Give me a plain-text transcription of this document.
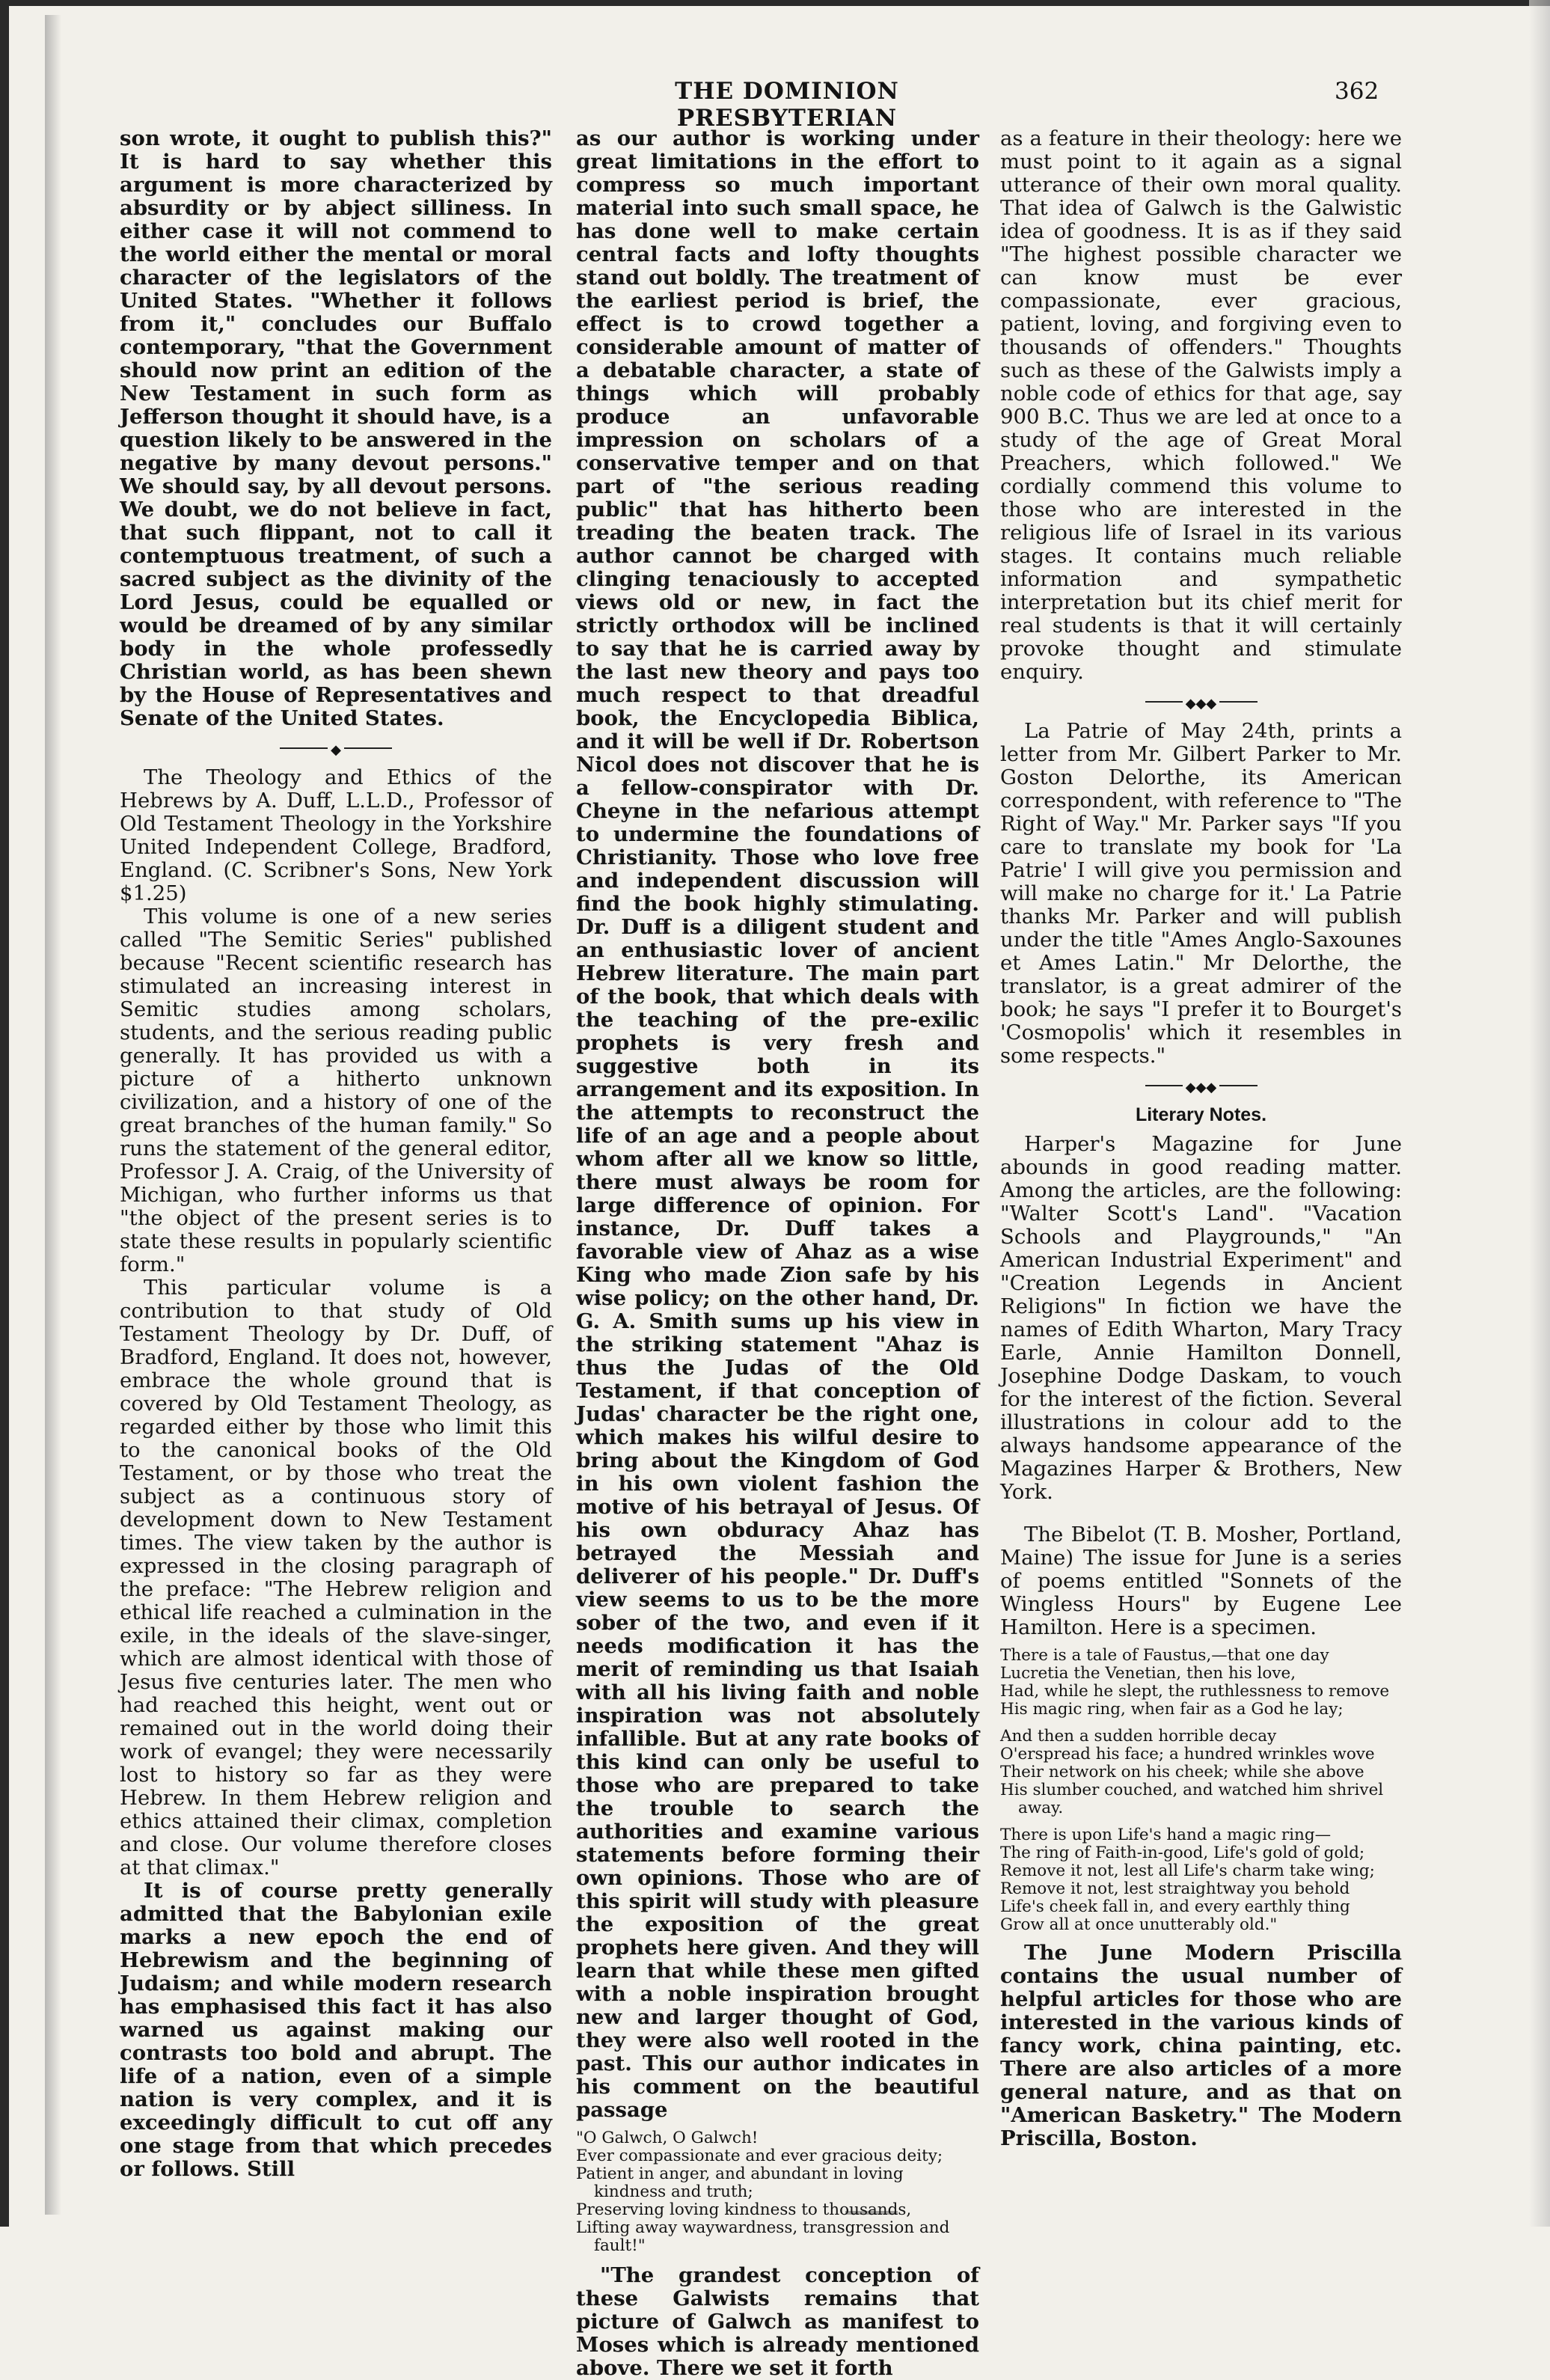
THE DOMINION PRESBYTERIAN
362

son wrote, it ought to publish this?" It is hard to say whether this argument is more characterized by absurdity or by abject silliness. In either case it will not commend to the world either the mental or moral character of the legislators of the United States. "Whether it follows from it," concludes our Buffalo contemporary, "that the Government should now print an edition of the New Testament in such form as Jefferson thought it should have, is a question likely to be answered in the negative by many devout persons." We should say, by all devout persons. We doubt, we do not believe in fact, that such flippant, not to call it contemptuous treatment, of such a sacred subject as the divinity of the Lord Jesus, could be equalled or would be dreamed of by any similar body in the whole professedly Christian world, as has been shewn by the House of Representatives and Senate of the United States.

◆

The Theology and Ethics of the Hebrews by A. Duff, L.L.D., Professor of Old Testament Theology in the Yorkshire United Independent College, Bradford, England. (C. Scribner's Sons, New York $1.25)

This volume is one of a new series called "The Semitic Series" published because "Recent scientific research has stimulated an increasing interest in Semitic studies among scholars, students, and the serious reading public generally. It has provided us with a picture of a hitherto unknown civilization, and a history of one of the great branches of the human family." So runs the statement of the general editor, Professor J. A. Craig, of the University of Michigan, who further informs us that "the object of the present series is to state these results in popularly scientific form."

This particular volume is a contribution to that study of Old Testament Theology by Dr. Duff, of Bradford, England. It does not, however, embrace the whole ground that is covered by Old Testament Theology, as regarded either by those who limit this to the canonical books of the Old Testament, or by those who treat the subject as a continuous story of development down to New Testament times. The view taken by the author is expressed in the closing paragraph of the preface: "The Hebrew religion and ethical life reached a culmination in the exile, in the ideals of the slave-singer, which are almost identical with those of Jesus five centuries later. The men who had reached this height, went out or remained out in the world doing their work of evangel; they were necessarily lost to history so far as they were Hebrew. In them Hebrew religion and ethics attained their climax, completion and close. Our volume therefore closes at that climax."

It is of course pretty generally admitted that the Babylonian exile marks a new epoch the end of Hebrewism and the beginning of Judaism; and while modern research has emphasised this fact it has also warned us against making our contrasts too bold and abrupt. The life of a nation, even of a simple nation is very complex, and it is exceedingly difficult to cut off any one stage from that which precedes or follows. Still

as our author is working under great limitations in the effort to compress so much important material into such small space, he has done well to make certain central facts and lofty thoughts stand out boldly. The treatment of the earliest period is brief, the effect is to crowd together a considerable amount of matter of a debatable character, a state of things which will probably produce an unfavorable impression on scholars of a conservative temper and on that part of "the serious reading public" that has hitherto been treading the beaten track. The author cannot be charged with clinging tenaciously to accepted views old or new, in fact the strictly orthodox will be inclined to say that he is carried away by the last new theory and pays too much respect to that dreadful book, the Encyclopedia Biblica, and it will be well if Dr. Robertson Nicol does not discover that he is a fellow-conspirator with Dr. Cheyne in the nefarious attempt to undermine the foundations of Christianity. Those who love free and independent discussion will find the book highly stimulating. Dr. Duff is a diligent student and an enthusiastic lover of ancient Hebrew literature. The main part of the book, that which deals with the teaching of the pre-exilic prophets is very fresh and suggestive both in its arrangement and its exposition. In the attempts to reconstruct the life of an age and a people about whom after all we know so little, there must always be room for large difference of opinion. For instance, Dr. Duff takes a favorable view of Ahaz as a wise King who made Zion safe by his wise policy; on the other hand, Dr. G. A. Smith sums up his view in the striking statement "Ahaz is thus the Judas of the Old Testament, if that conception of Judas' character be the right one, which makes his wilful desire to bring about the Kingdom of God in his own violent fashion the motive of his betrayal of Jesus. Of his own obduracy Ahaz has betrayed the Messiah and deliverer of his people." Dr. Duff's view seems to us to be the more sober of the two, and even if it needs modification it has the merit of reminding us that Isaiah with all his living faith and noble inspiration was not absolutely infallible. But at any rate books of this kind can only be useful to those who are prepared to take the trouble to search the authorities and examine various statements before forming their own opinions. Those who are of this spirit will study with pleasure the exposition of the great prophets here given. And they will learn that while these men gifted with a noble inspiration brought new and larger thought of God, they were also well rooted in the past. This our author indicates in his comment on the beautiful passage

"O Galwch, O Galwch!
Ever compassionate and ever gracious deity;
Patient in anger, and abundant in loving kindness and truth;
Preserving loving kindness to thousands,
Lifting away waywardness, transgression and fault!"

"The grandest conception of these Galwists remains that picture of Galwch as manifest to Moses which is already mentioned above. There we set it forth

as a feature in their theology: here we must point to it again as a signal utterance of their own moral quality. That idea of Galwch is the Galwistic idea of goodness. It is as if they said "The highest possible character we can know must be ever compassionate, ever gracious, patient, loving, and forgiving even to thousands of offenders." Thoughts such as these of the Galwists imply a noble code of ethics for that age, say 900 B.C. Thus we are led at once to a study of the age of Great Moral Preachers, which followed." We cordially commend this volume to those who are interested in the religious life of Israel in its various stages. It contains much reliable information and sympathetic interpretation but its chief merit for real students is that it will certainly provoke thought and stimulate enquiry.

◆◆◆

La Patrie of May 24th, prints a letter from Mr. Gilbert Parker to Mr. Goston Delorthe, its American correspondent, with reference to "The Right of Way." Mr. Parker says "If you care to translate my book for 'La Patrie' I will give you permission and will make no charge for it.' La Patrie thanks Mr. Parker and will publish under the title "Ames Anglo-Saxounes et Ames Latin." Mr Delorthe, the translator, is a great admirer of the book; he says "I prefer it to Bourget's 'Cosmopolis' which it resembles in some respects."

◆◆◆
Literary Notes.

Harper's Magazine for June abounds in good reading matter. Among the articles, are the following: "Walter Scott's Land". "Vacation Schools and Playgrounds," "An American Industrial Experiment" and "Creation Legends in Ancient Religions" In fiction we have the names of Edith Wharton, Mary Tracy Earle, Annie Hamilton Donnell, Josephine Dodge Daskam, to vouch for the interest of the fiction. Several illustrations in colour add to the always handsome appearance of the Magazines Harper & Brothers, New York.

The Bibelot (T. B. Mosher, Portland, Maine) The issue for June is a series of poems entitled "Sonnets of the Wingless Hours" by Eugene Lee Hamilton. Here is a specimen.

There is a tale of Faustus,—that one day
Lucretia the Venetian, then his love,
Had, while he slept, the ruthlessness to remove
His magic ring, when fair as a God he lay;
And then a sudden horrible decay
O'erspread his face; a hundred wrinkles wove
Their network on his cheek; while she above
His slumber couched, and watched him shrivel away.
There is upon Life's hand a magic ring—
The ring of Faith-in-good, Life's gold of gold;
Remove it not, lest all Life's charm take wing;
Remove it not, lest straightway you behold
Life's cheek fall in, and every earthly thing
Grow all at once unutterably old."

The June Modern Priscilla contains the usual number of helpful articles for those who are interested in the various kinds of fancy work, china painting, etc. There are also articles of a more general nature, and as that on "American Basketry." The Modern Priscilla, Boston.
